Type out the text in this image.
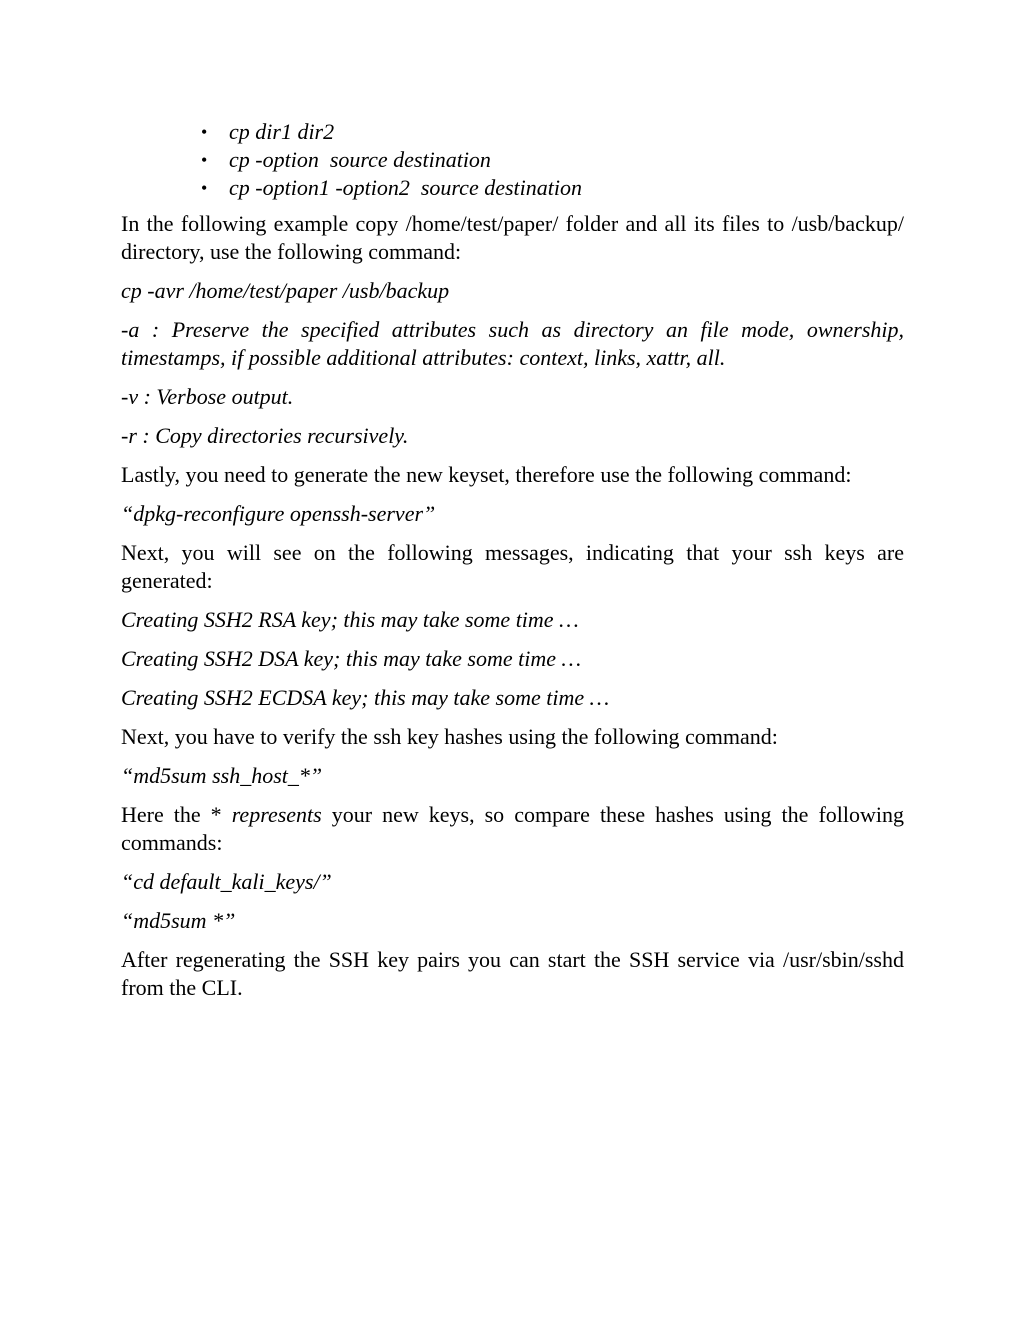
• cp dir1 dir2
• cp -option  source destination
• cp -option1 -option2  source destination

In the following example copy /home/test/paper/ folder and all its files to /usb/backup/ directory, use the following command:

cp -avr /home/test/paper /usb/backup

-a : Preserve the specified attributes such as directory an file mode, ownership, timestamps, if possible additional attributes: context, links, xattr, all.

-v : Verbose output.

-r : Copy directories recursively.

Lastly, you need to generate the new keyset, therefore use the following command:

“dpkg-reconfigure openssh-server”

Next, you will see on the following messages, indicating that your ssh keys are generated:

Creating SSH2 RSA key; this may take some time …

Creating SSH2 DSA key; this may take some time …

Creating SSH2 ECDSA key; this may take some time …

Next, you have to verify the ssh key hashes using the following command:

“md5sum ssh_host_*”

Here the * represents your new keys, so compare these hashes using the following commands:

“cd default_kali_keys/”

“md5sum *”

After regenerating the SSH key pairs you can start the SSH service via /usr/sbin/sshd from the CLI.
